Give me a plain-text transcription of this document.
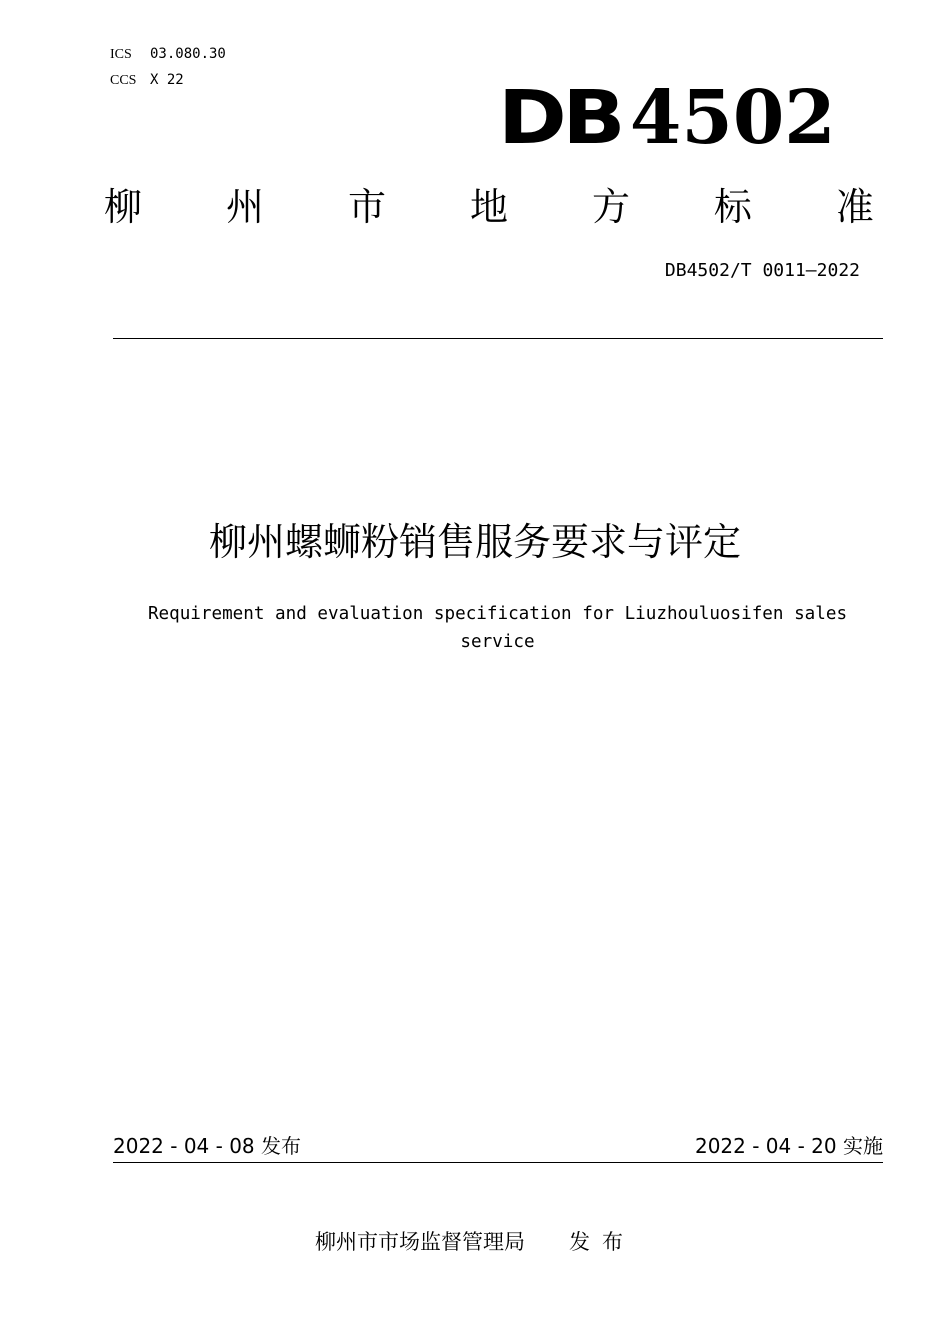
ICS 03.080.30
CCS X 22	DB 4502
柳 州 市 地 方 标 准
DB4502/T 0011—2022
柳州螺蛳粉销售服务要求与评定
Requirement and evaluation specification for Liuzhouluosifen sales service
2022 - 04 - 08 发布	2022 - 04 - 20 实施
柳州市市场监督管理局 发布
